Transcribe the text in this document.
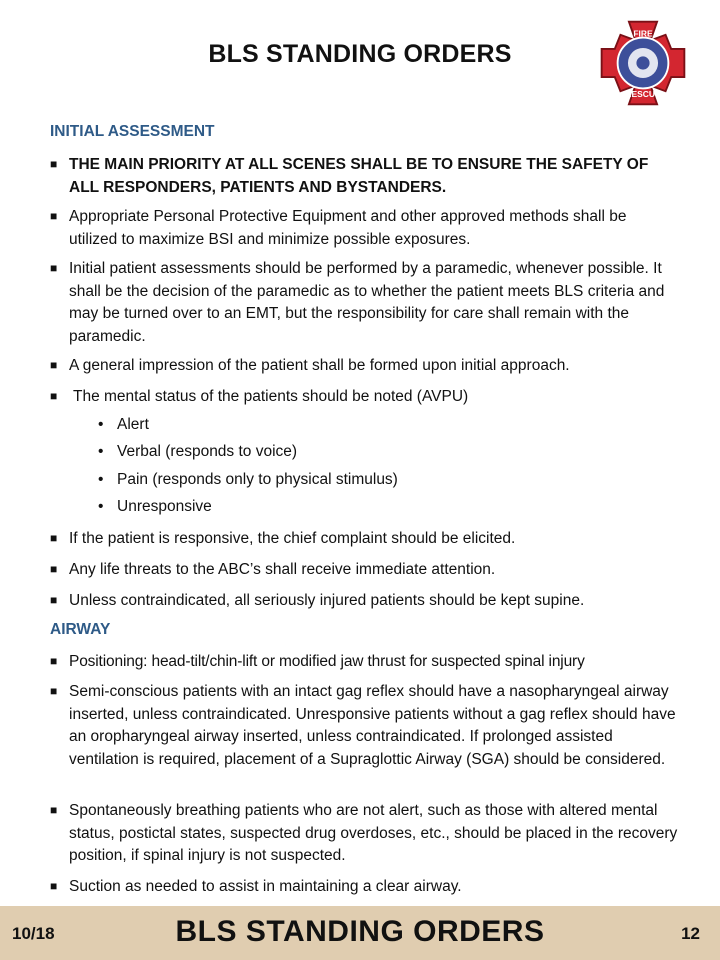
BLS STANDING ORDERS
FIRE
RESCUE
INITIAL ASSESSMENT
■ THE MAIN PRIORITY AT ALL SCENES SHALL BE TO ENSURE THE SAFETY OF ALL RESPONDERS, PATIENTS AND BYSTANDERS.
■ Appropriate Personal Protective Equipment and other approved methods shall be utilized to maximize BSI and minimize possible exposures.
■ Initial patient assessments should be performed by a paramedic, whenever possible. It shall be the decision of the paramedic as to whether the patient meets BLS criteria and may be turned over to an EMT, but the responsibility for care shall remain with the paramedic.
■ A general impression of the patient shall be formed upon initial approach.
■ The mental status of the patients should be noted (AVPU)
• Alert
• Verbal (responds to voice)
• Pain (responds only to physical stimulus)
• Unresponsive
■ If the patient is responsive, the chief complaint should be elicited.
■ Any life threats to the ABC’s shall receive immediate attention.
■ Unless contraindicated, all seriously injured patients should be kept supine.
AIRWAY
■ Positioning: head-tilt/chin-lift or modified jaw thrust for suspected spinal injury
■ Semi-conscious patients with an intact gag reflex should have a nasopharyngeal airway inserted, unless contraindicated. Unresponsive patients without a gag reflex should have an oropharyngeal airway inserted, unless contraindicated. If prolonged assisted ventilation is required, placement of a Supraglottic Airway (SGA) should be considered.
■ Spontaneously breathing patients who are not alert, such as those with altered mental status, postictal states, suspected drug overdoses, etc., should be placed in the recovery position, if spinal injury is not suspected.
■ Suction as needed to assist in maintaining a clear airway.
10/18	BLS STANDING ORDERS	12
